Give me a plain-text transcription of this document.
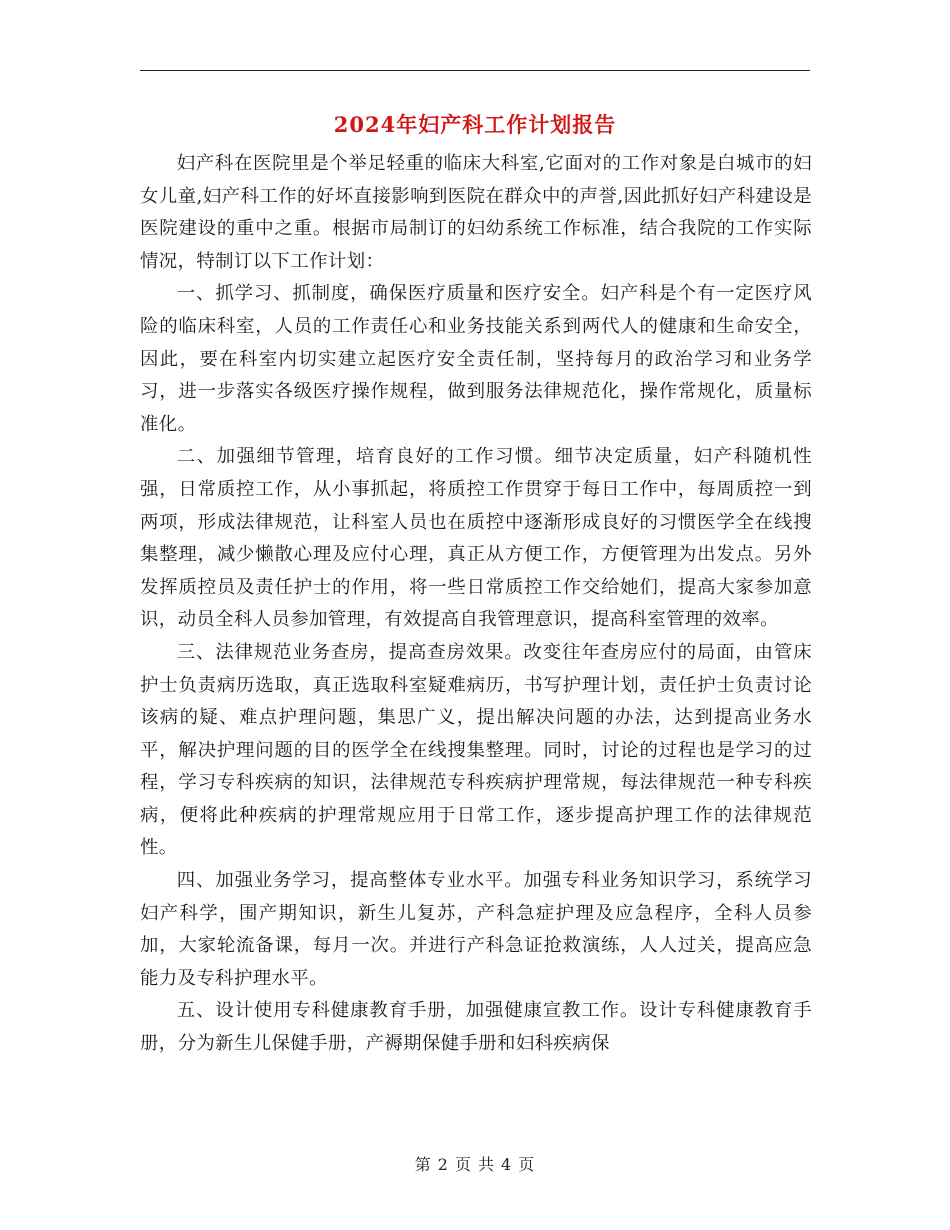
2024年妇产科工作计划报告

妇产科在医院里是个举足轻重的临床大科室,它面对的工作对象是白城市的妇女儿童,妇产科工作的好坏直接影响到医院在群众中的声誉,因此抓好妇产科建设是医院建设的重中之重。根据市局制订的妇幼系统工作标准，结合我院的工作实际情况，特制订以下工作计划：

一、抓学习、抓制度，确保医疗质量和医疗安全。妇产科是个有一定医疗风险的临床科室，人员的工作责任心和业务技能关系到两代人的健康和生命安全，因此，要在科室内切实建立起医疗安全责任制，坚持每月的政治学习和业务学习，进一步落实各级医疗操作规程，做到服务法律规范化，操作常规化，质量标准化。

二、加强细节管理，培育良好的工作习惯。细节决定质量，妇产科随机性强，日常质控工作，从小事抓起，将质控工作贯穿于每日工作中，每周质控一到两项，形成法律规范，让科室人员也在质控中逐渐形成良好的习惯医学全在线搜集整理，减少懒散心理及应付心理，真正从方便工作，方便管理为出发点。另外发挥质控员及责任护士的作用，将一些日常质控工作交给她们，提高大家参加意识，动员全科人员参加管理，有效提高自我管理意识，提高科室管理的效率。

三、法律规范业务查房，提高查房效果。改变往年查房应付的局面，由管床护士负责病历选取，真正选取科室疑难病历，书写护理计划，责任护士负责讨论该病的疑、难点护理问题，集思广义，提出解决问题的办法，达到提高业务水平，解决护理问题的目的医学全在线搜集整理。同时，讨论的过程也是学习的过程，学习专科疾病的知识，法律规范专科疾病护理常规，每法律规范一种专科疾病，便将此种疾病的护理常规应用于日常工作，逐步提高护理工作的法律规范性。

四、加强业务学习，提高整体专业水平。加强专科业务知识学习，系统学习妇产科学，围产期知识，新生儿复苏，产科急症护理及应急程序，全科人员参加，大家轮流备课，每月一次。并进行产科急证抢救演练，人人过关，提高应急能力及专科护理水平。

五、设计使用专科健康教育手册，加强健康宣教工作。设计专科健康教育手册，分为新生儿保健手册，产褥期保健手册和妇科疾病保

第 2 页 共 4 页
